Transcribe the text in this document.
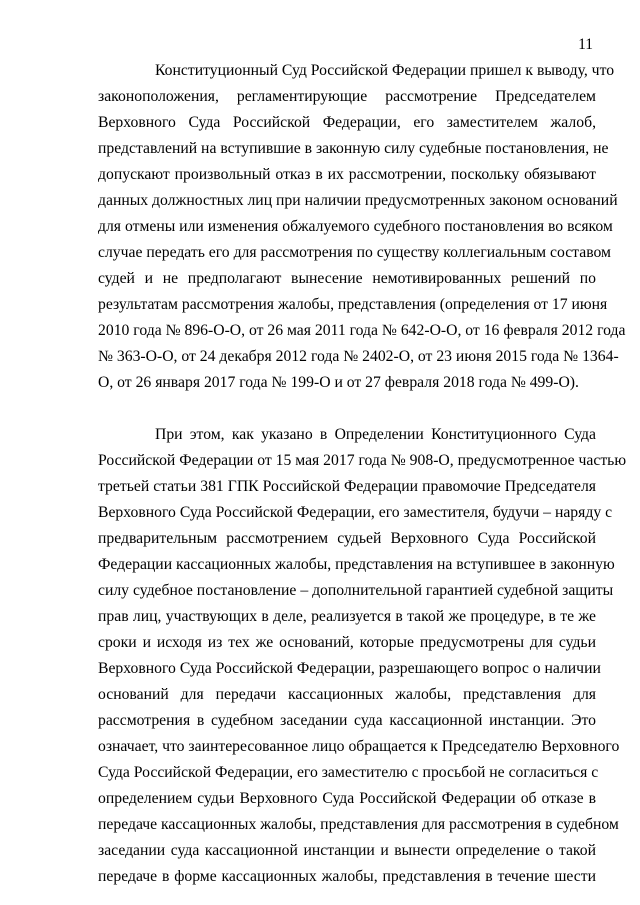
11
Конституционный Суд Российской Федерации пришел к выводу, что
законоположения, регламентирующие рассмотрение Председателем
Верховного Суда Российской Федерации, его заместителем жалоб,
представлений на вступившие в законную силу судебные постановления, не
допускают произвольный отказ в их рассмотрении, поскольку обязывают
данных должностных лиц при наличии предусмотренных законом оснований
для отмены или изменения обжалуемого судебного постановления во всяком
случае передать его для рассмотрения по существу коллегиальным составом
судей и не предполагают вынесение немотивированных решений по
результатам рассмотрения жалобы, представления (определения от 17 июня
2010 года № 896-О-О, от 26 мая 2011 года № 642-О-О, от 16 февраля 2012 года
№ 363-О-О, от 24 декабря 2012 года № 2402-О, от 23 июня 2015 года № 1364-
О, от 26 января 2017 года № 199-О и от 27 февраля 2018 года № 499-О).
При этом, как указано в Определении Конституционного Суда
Российской Федерации от 15 мая 2017 года № 908-О, предусмотренное частью
третьей статьи 381 ГПК Российской Федерации правомочие Председателя
Верховного Суда Российской Федерации, его заместителя, будучи – наряду с
предварительным рассмотрением судьей Верховного Суда Российской
Федерации кассационных жалобы, представления на вступившее в законную
силу судебное постановление – дополнительной гарантией судебной защиты
прав лиц, участвующих в деле, реализуется в такой же процедуре, в те же
сроки и исходя из тех же оснований, которые предусмотрены для судьи
Верховного Суда Российской Федерации, разрешающего вопрос о наличии
оснований для передачи кассационных жалобы, представления для
рассмотрения в судебном заседании суда кассационной инстанции. Это
означает, что заинтересованное лицо обращается к Председателю Верховного
Суда Российской Федерации, его заместителю с просьбой не согласиться с
определением судьи Верховного Суда Российской Федерации об отказе в
передаче кассационных жалобы, представления для рассмотрения в судебном
заседании суда кассационной инстанции и вынести определение о такой
передаче в форме кассационных жалобы, представления в течение шести
